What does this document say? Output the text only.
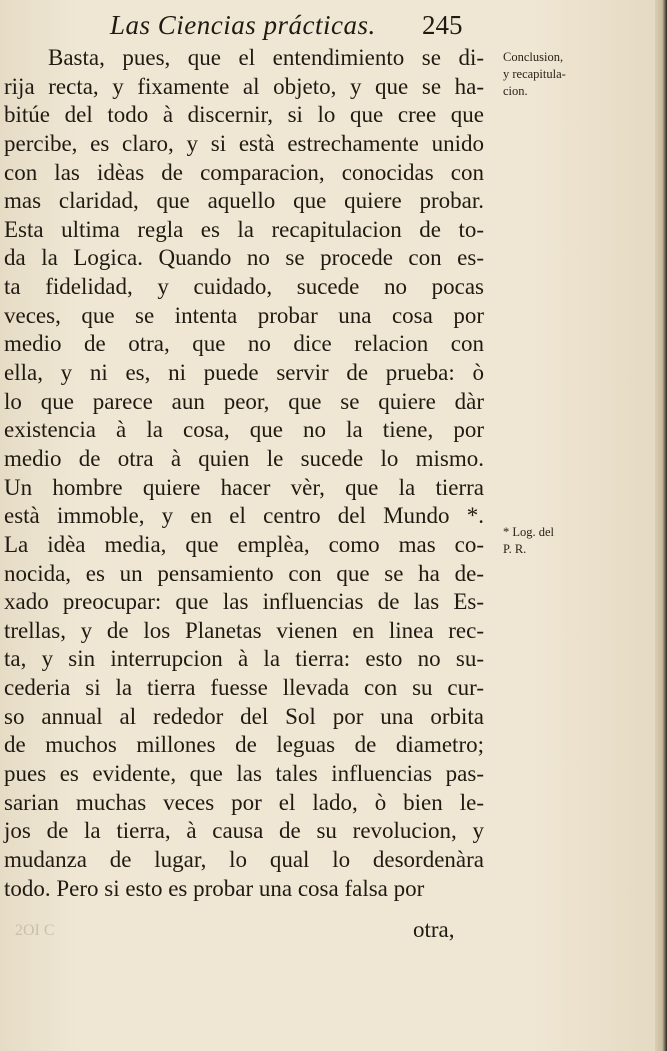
Las Ciencias prácticas. 245
Basta, pues, que el entendimiento se di-
rija recta, y fixamente al objeto, y que se ha-
bitúe del todo à discernir, si lo que cree que
percibe, es claro, y si està estrechamente unido
con las idèas de comparacion, conocidas con
mas claridad, que aquello que quiere probar.
Esta ultima regla es la recapitulacion de to-
da la Logica. Quando no se procede con es-
ta fidelidad, y cuidado, sucede no pocas
veces, que se intenta probar una cosa por
medio de otra, que no dice relacion con
ella, y ni es, ni puede servir de prueba: ò
lo que parece aun peor, que se quiere dàr
existencia à la cosa, que no la tiene, por
medio de otra à quien le sucede lo mismo.
Un hombre quiere hacer vèr, que la tierra
està immoble, y en el centro del Mundo *.
La idèa media, que emplèa, como mas co-
nocida, es un pensamiento con que se ha de-
xado preocupar: que las influencias de las Es-
trellas, y de los Planetas vienen en linea rec-
ta, y sin interrupcion à la tierra: esto no su-
cederia si la tierra fuesse llevada con su cur-
so annual al rededor del Sol por una orbita
de muchos millones de leguas de diametro;
pues es evidente, que las tales influencias pas-
sarian muchas veces por el lado, ò bien le-
jos de la tierra, à causa de su revolucion, y
mudanza de lugar, lo qual lo desordenàra
todo. Pero si esto es probar una cosa falsa por
otra,
Conclusion,
y recapitula-
cion.
* Log. del
P. R.
2OI C
